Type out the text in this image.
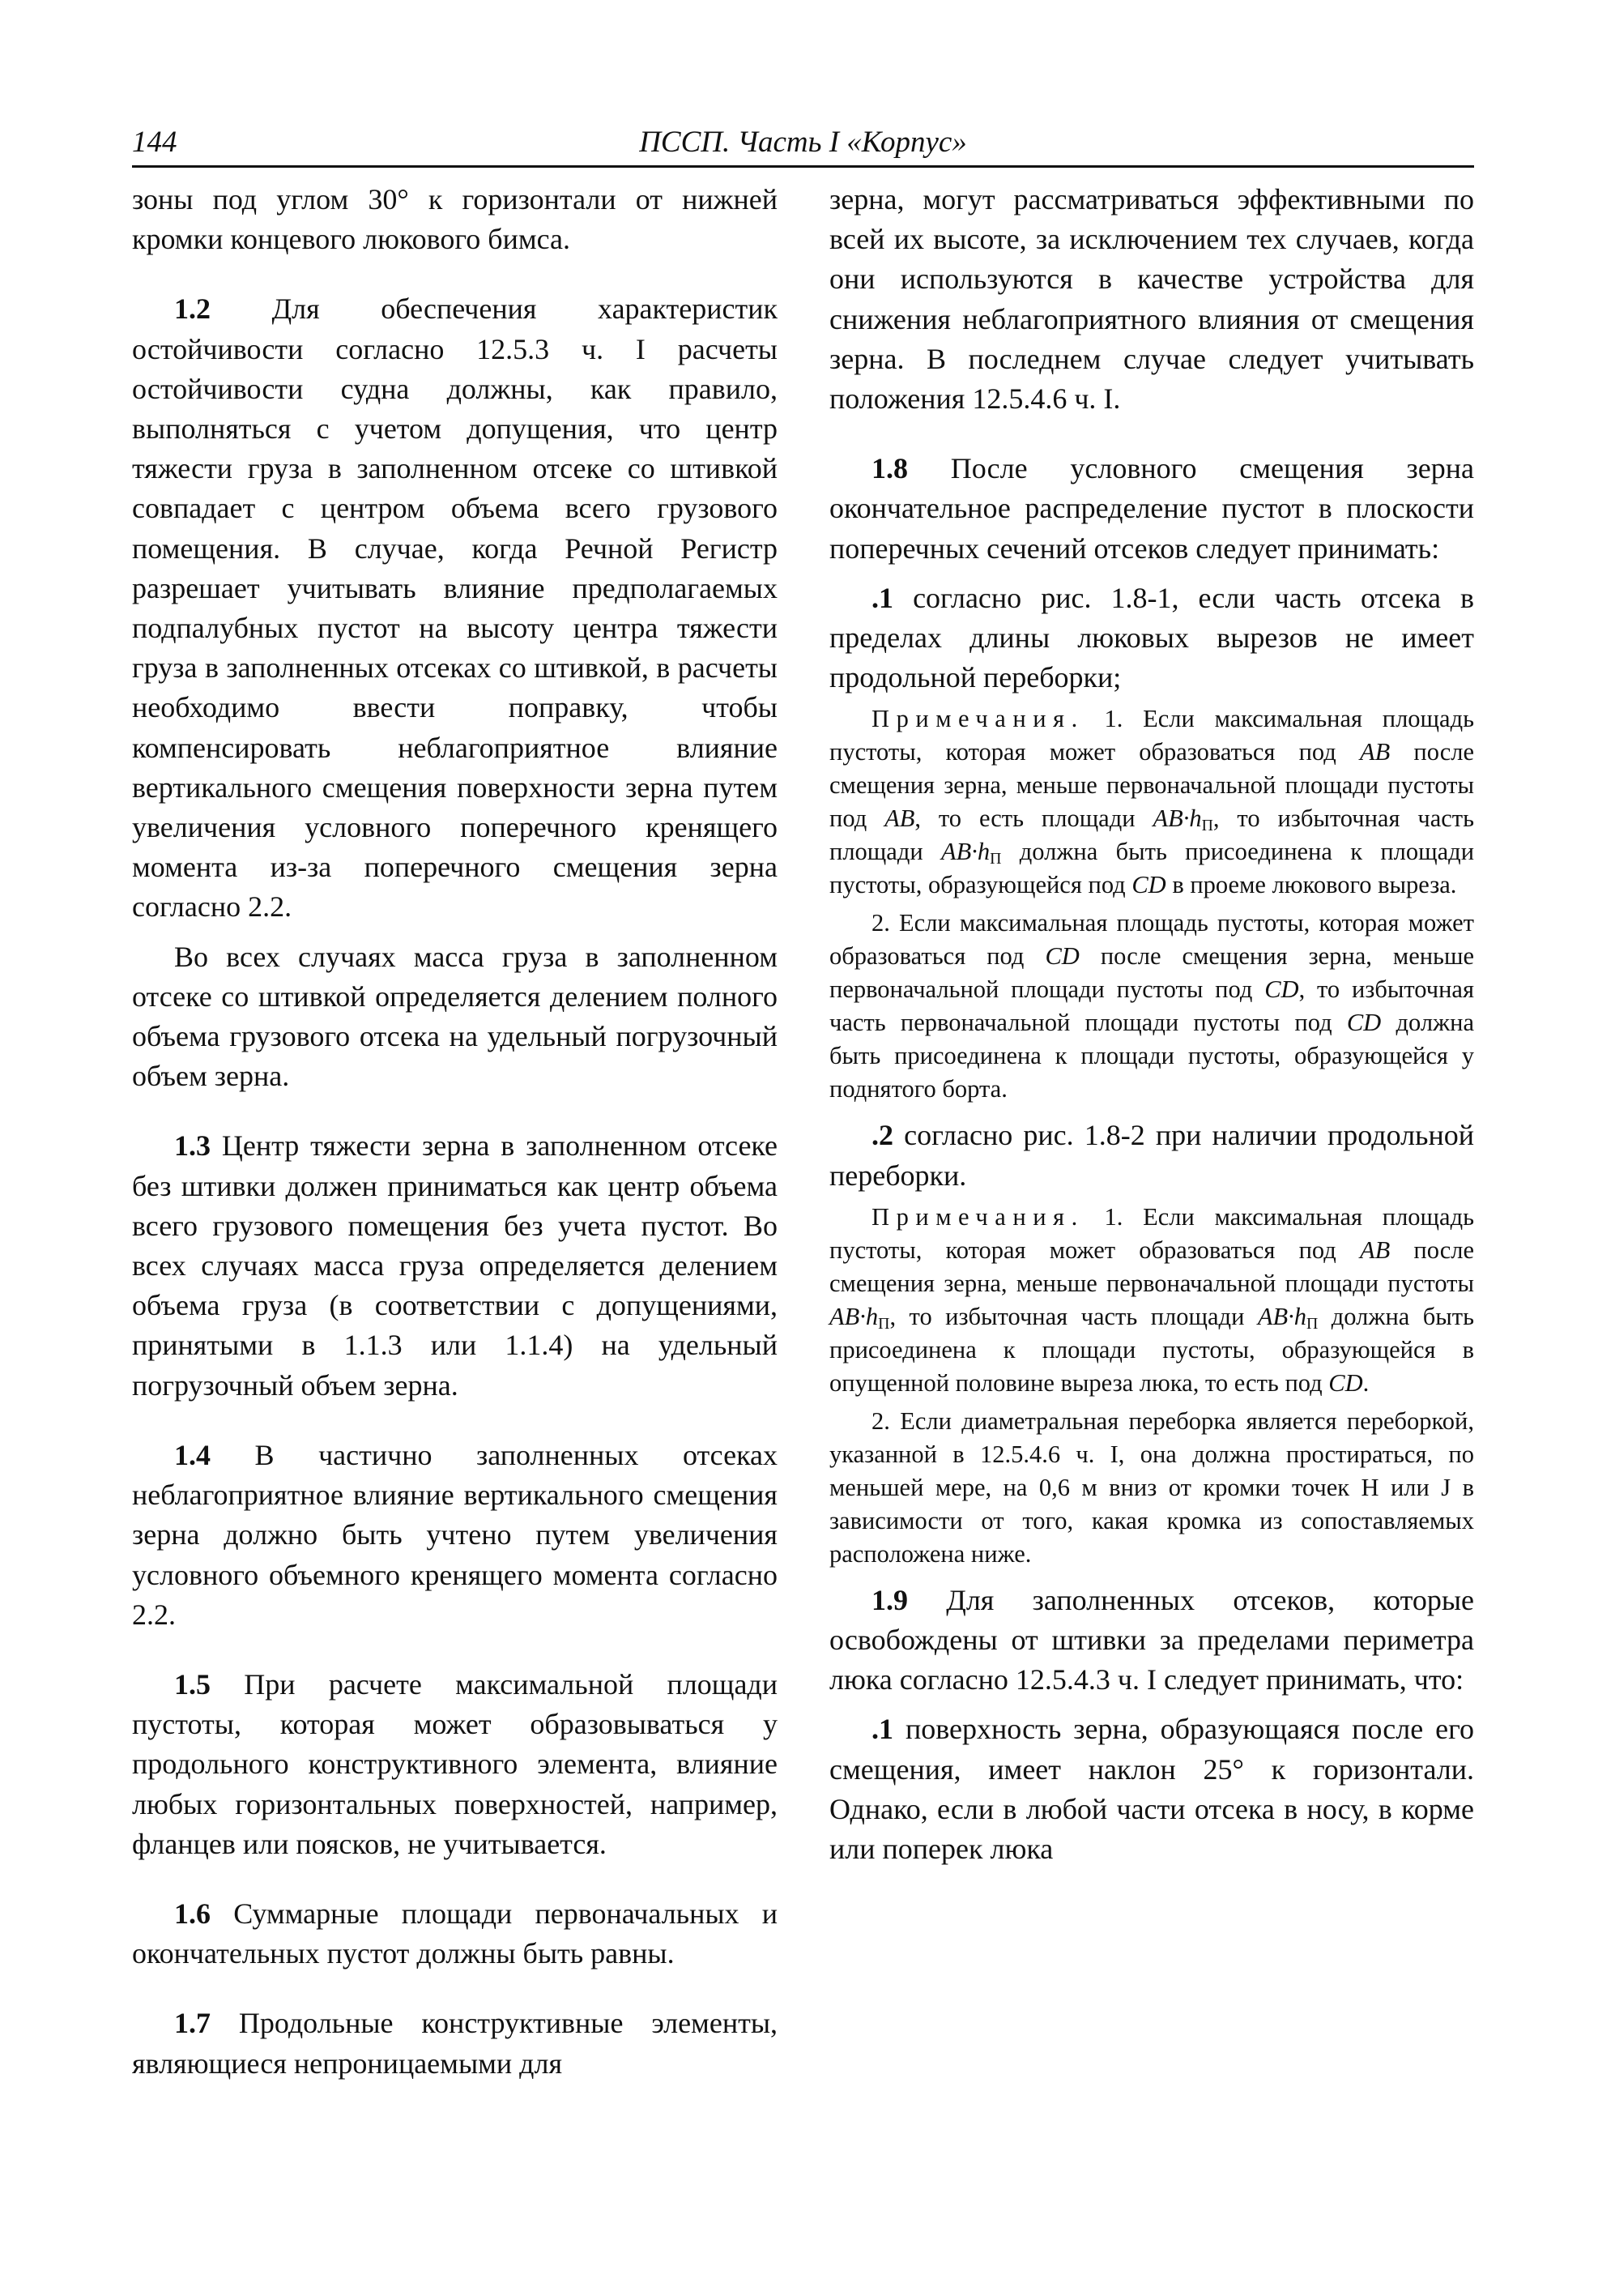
144	ПССП. Часть I «Корпус»

зоны под углом 30° к горизонтали от нижней кромки концевого люкового бимса.

1.2 Для обеспечения характеристик остойчивости согласно 12.5.3 ч. I расчеты остойчивости судна должны, как правило, выполняться с учетом допущения, что центр тяжести груза в заполненном отсеке со штивкой совпадает с центром объема всего грузового помещения. В случае, когда Речной Регистр разрешает учитывать влияние предполагаемых подпалубных пустот на высоту центра тяжести груза в заполненных отсеках со штивкой, в расчеты необходимо ввести поправку, чтобы компенсировать неблагоприятное влияние вертикального смещения поверхности зерна путем увеличения условного поперечного кренящего момента из-за поперечного смещения зерна согласно 2.2.

Во всех случаях масса груза в заполненном отсеке со штивкой определяется делением полного объема грузового отсека на удельный погрузочный объем зерна.

1.3 Центр тяжести зерна в заполненном отсеке без штивки должен приниматься как центр объема всего грузового помещения без учета пустот. Во всех случаях масса груза определяется делением объема груза (в соответствии с допущениями, принятыми в 1.1.3 или 1.1.4) на удельный погрузочный объем зерна.

1.4 В частично заполненных отсеках неблагоприятное влияние вертикального смещения зерна должно быть учтено путем увеличения условного объемного кренящего момента согласно 2.2.

1.5 При расчете максимальной площади пустоты, которая может образовываться у продольного конструктивного элемента, влияние любых горизонтальных поверхностей, например, фланцев или поясков, не учитывается.

1.6 Суммарные площади первоначальных и окончательных пустот должны быть равны.

1.7 Продольные конструктивные элементы, являющиеся непроницаемыми для

зерна, могут рассматриваться эффективными по всей их высоте, за исключением тех случаев, когда они используются в качестве устройства для снижения неблагоприятного влияния от смещения зерна. В последнем случае следует учитывать положения 12.5.4.6 ч. I.

1.8 После условного смещения зерна окончательное распределение пустот в плоскости поперечных сечений отсеков следует принимать:

.1 согласно рис. 1.8-1, если часть отсека в пределах длины люковых вырезов не имеет продольной переборки;

Примечания. 1. Если максимальная площадь пустоты, которая может образоваться под AB после смещения зерна, меньше первоначальной площади пустоты под AB, то есть площади $AB\cdot h_П$, то избыточная часть площади $AB\cdot h_П$ должна быть присоединена к площади пустоты, образующейся под CD в проеме люкового выреза.

2. Если максимальная площадь пустоты, которая может образоваться под CD после смещения зерна, меньше первоначальной площади пустоты под CD, то избыточная часть первоначальной площади пустоты под CD должна быть присоединена к площади пустоты, образующейся у поднятого борта.

.2 согласно рис. 1.8-2 при наличии продольной переборки.

Примечания. 1. Если максимальная площадь пустоты, которая может образоваться под AB после смещения зерна, меньше первоначальной площади пустоты $AB\cdot h_П$, то избыточная часть площади $AB\cdot h_П$ должна быть присоединена к площади пустоты, образующейся в опущенной половине выреза люка, то есть под CD.

2. Если диаметральная переборка является переборкой, указанной в 12.5.4.6 ч. I, она должна простираться, по меньшей мере, на 0,6 м вниз от кромки точек H или J в зависимости от того, какая кромка из сопоставляемых расположена ниже.

1.9 Для заполненных отсеков, которые освобождены от штивки за пределами периметра люка согласно 12.5.4.3 ч. I следует принимать, что:

.1 поверхность зерна, образующаяся после его смещения, имеет наклон 25° к горизонтали. Однако, если в любой части отсека в носу, в корме или поперек люка
